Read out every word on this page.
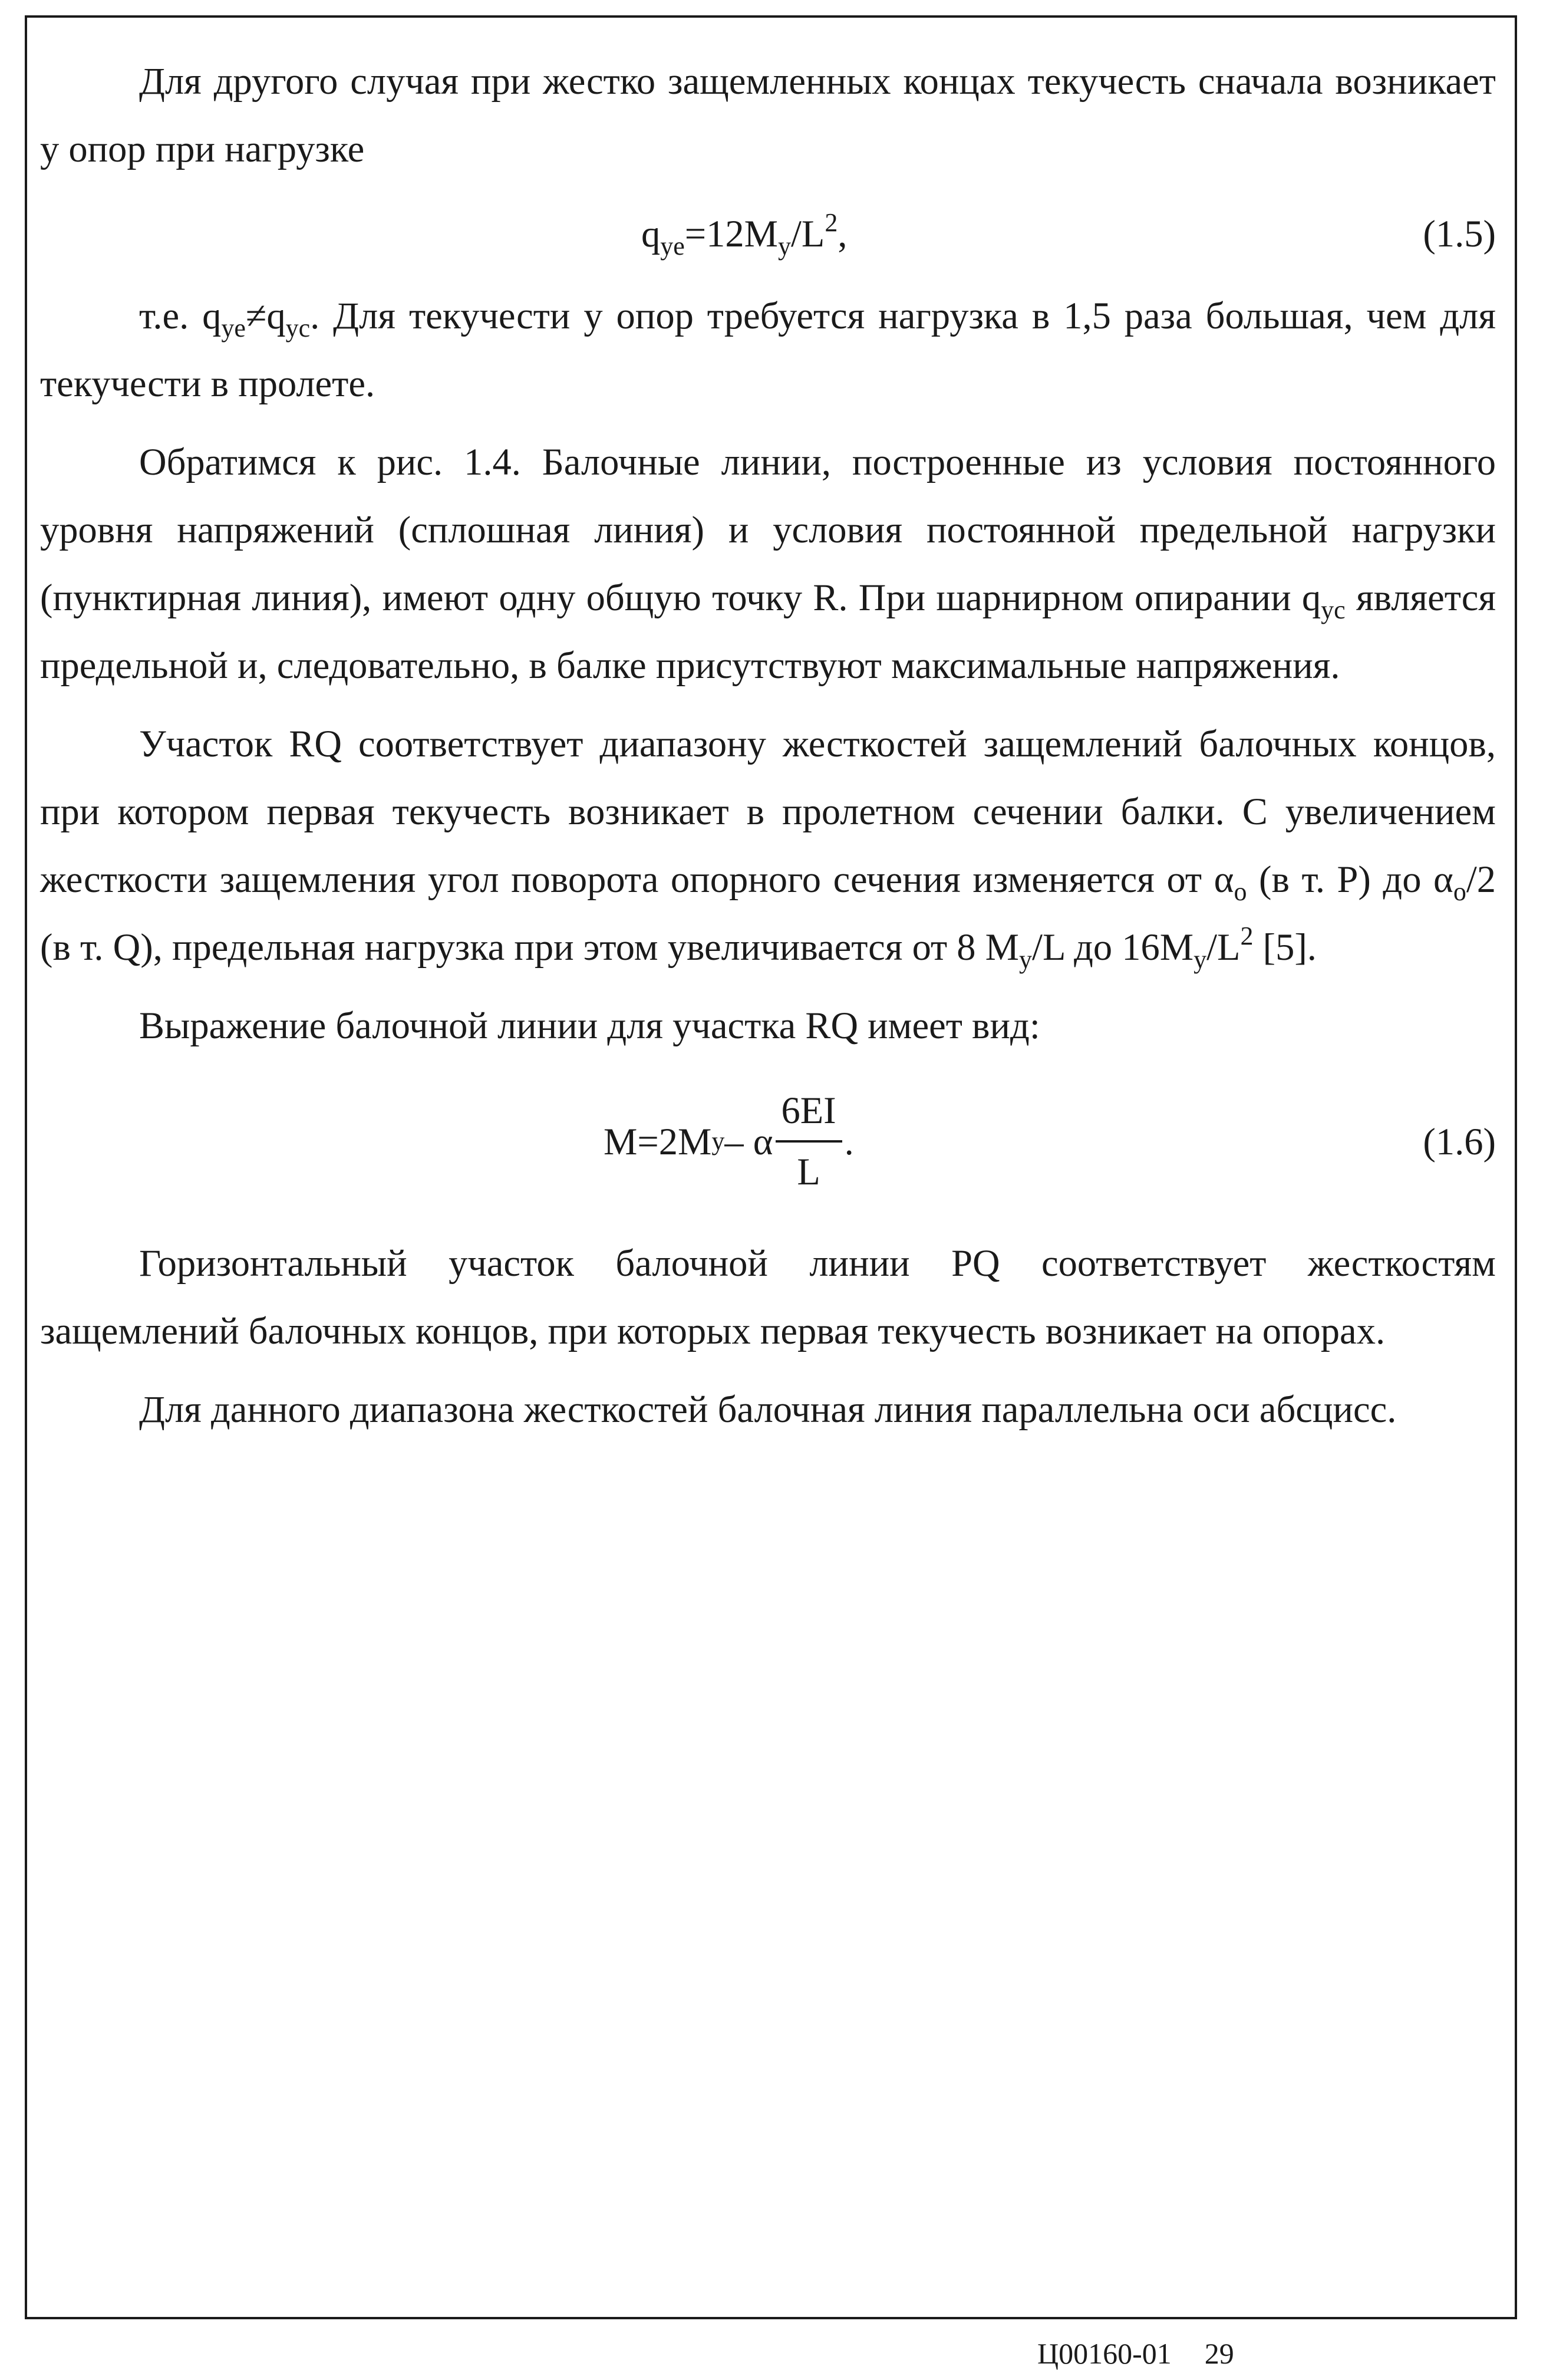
Для другого случая при жестко защемленных концах текучесть сначала возникает у опор при нагрузке

$q_{ye}=12M_y/L^2$,	(1.5)

т.е. $q_{ye}\ne q_{yc}$. Для текучести у опор требуется нагрузка в 1,5 раза большая, чем для текучести в пролете.

Обратимся к рис. 1.4. Балочные линии, построенные из условия постоянного уровня напряжений (сплошная линия) и условия постоянной предельной нагрузки (пунктирная линия), имеют одну общую точку R. При шарнирном опирании $q_{yc}$ является предельной и, следовательно, в балке присутствуют максимальные напряжения.

Участок RQ соответствует диапазону жесткостей защемлений балочных концов, при котором первая текучесть возникает в пролетном сечении балки. С увеличением жесткости защемления угол поворота опорного сечения изменяется от $\alpha_o$ (в т. P) до $\alpha_o/2$ (в т. Q), предельная нагрузка при этом увеличивается от 8 $M_y/L$ до $16M_y/L^2$ [5].

Выражение балочной линии для участка RQ имеет вид:

M=2M y – α $\frac{6EI}{L}$ .	(1.6)

Горизонтальный участок балочной линии PQ соответствует жесткостям защемлений балочных концов, при которых первая текучесть возникает на опорах.

Для данного диапазона жесткостей балочная линия параллельна оси абсцисс.

Ц00160-01 29
